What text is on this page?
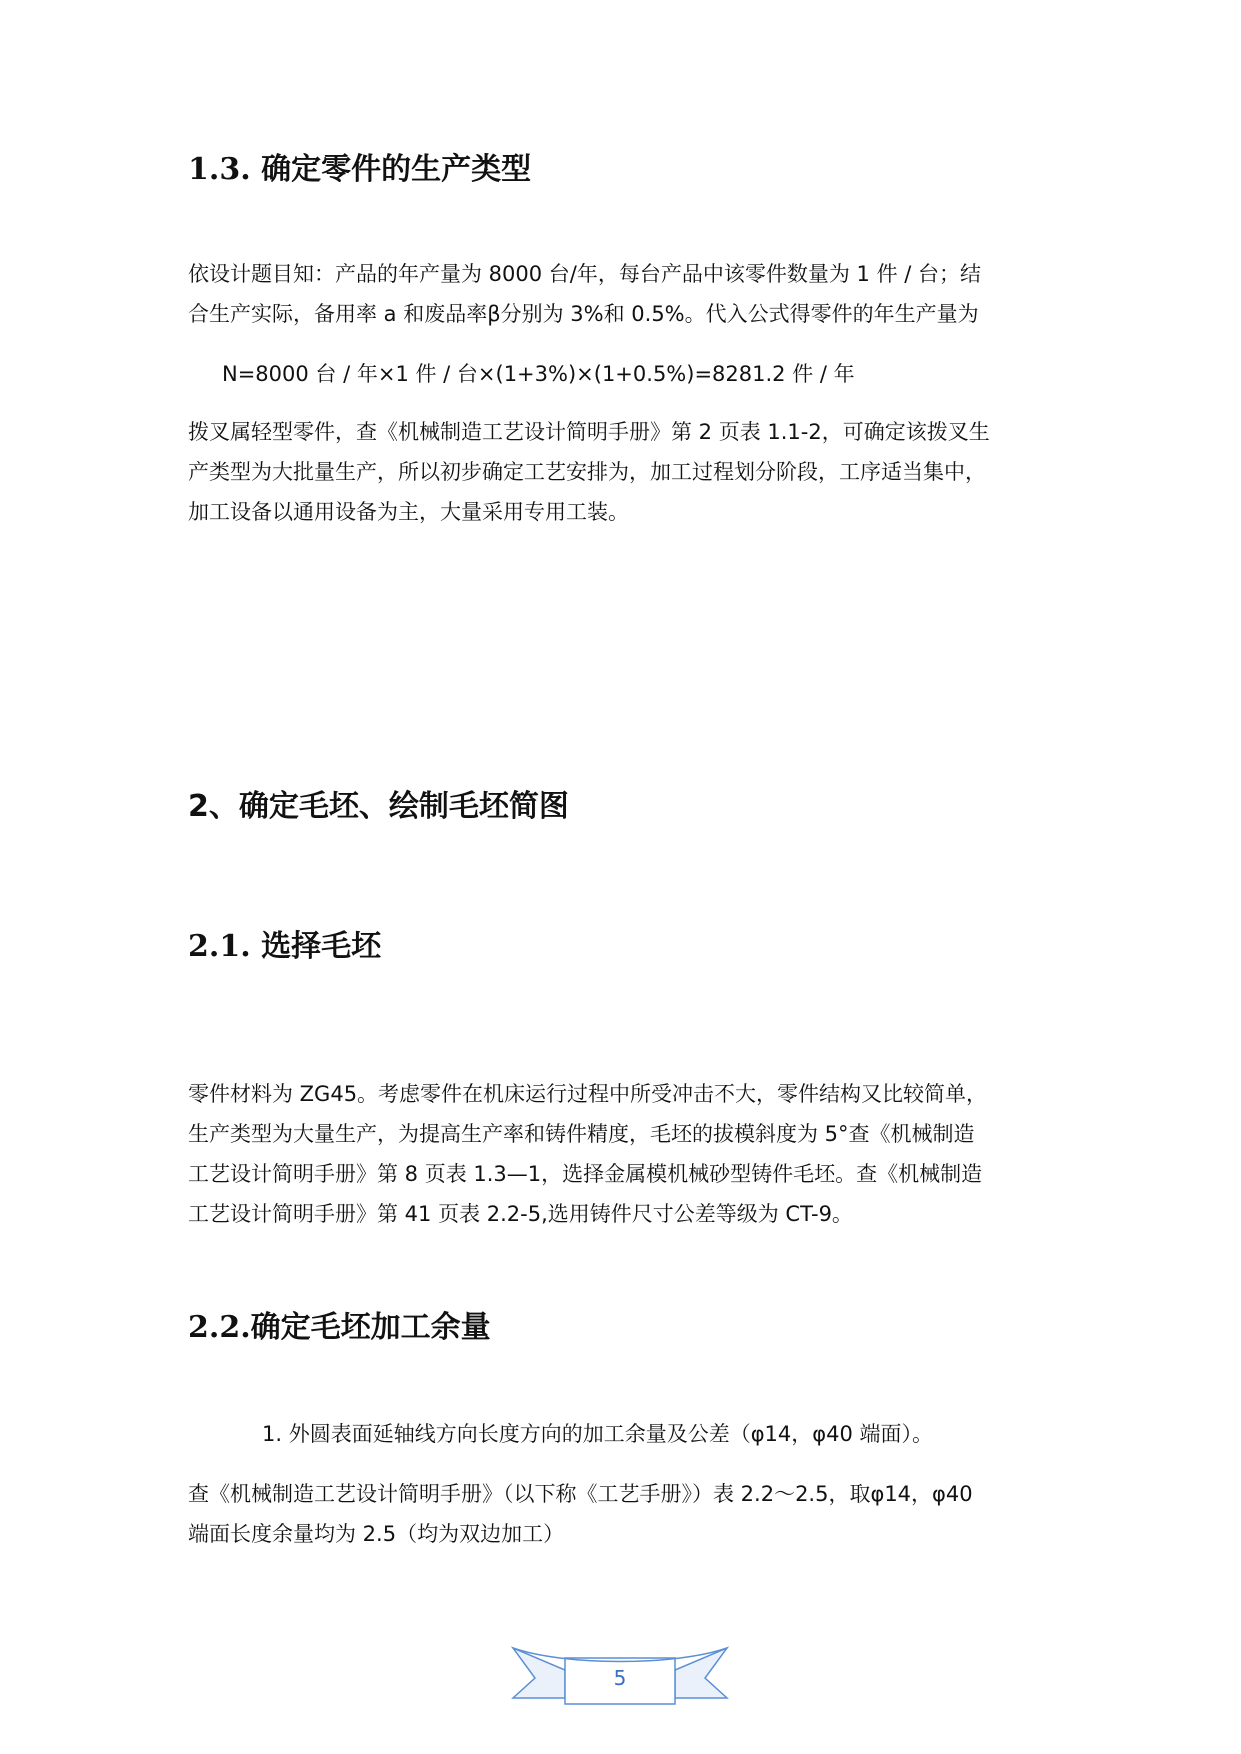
1.3. 确定零件的生产类型
依设计题目知：产品的年产量为 8000 台/年，每台产品中该零件数量为 1 件 / 台；结
合生产实际，备用率 a 和废品率β分别为 3%和 0.5%。代入公式得零件的年生产量为
N=8000 台 / 年×1 件 / 台×(1+3%)×(1+0.5%)=8281.2 件 / 年
拨叉属轻型零件，查《机械制造工艺设计简明手册》第 2 页表 1.1-2，可确定该拨叉生
产类型为大批量生产，所以初步确定工艺安排为，加工过程划分阶段，工序适当集中，
加工设备以通用设备为主，大量采用专用工装。
2、确定毛坯、绘制毛坯简图
2.1. 选择毛坯
零件材料为 ZG45。考虑零件在机床运行过程中所受冲击不大，零件结构又比较简单，
生产类型为大量生产，为提高生产率和铸件精度，毛坯的拔模斜度为 5°查《机械制造
工艺设计简明手册》第 8 页表 1.3—1，选择金属模机械砂型铸件毛坯。查《机械制造
工艺设计简明手册》第 41 页表 2.2-5,选用铸件尺寸公差等级为 CT-9。
2.2.确定毛坯加工余量
1. 外圆表面延轴线方向长度方向的加工余量及公差（φ14，φ40 端面）。
查《机械制造工艺设计简明手册》（以下称《工艺手册》）表 2.2～2.5，取φ14，φ40
端面长度余量均为 2.5（均为双边加工）
5
